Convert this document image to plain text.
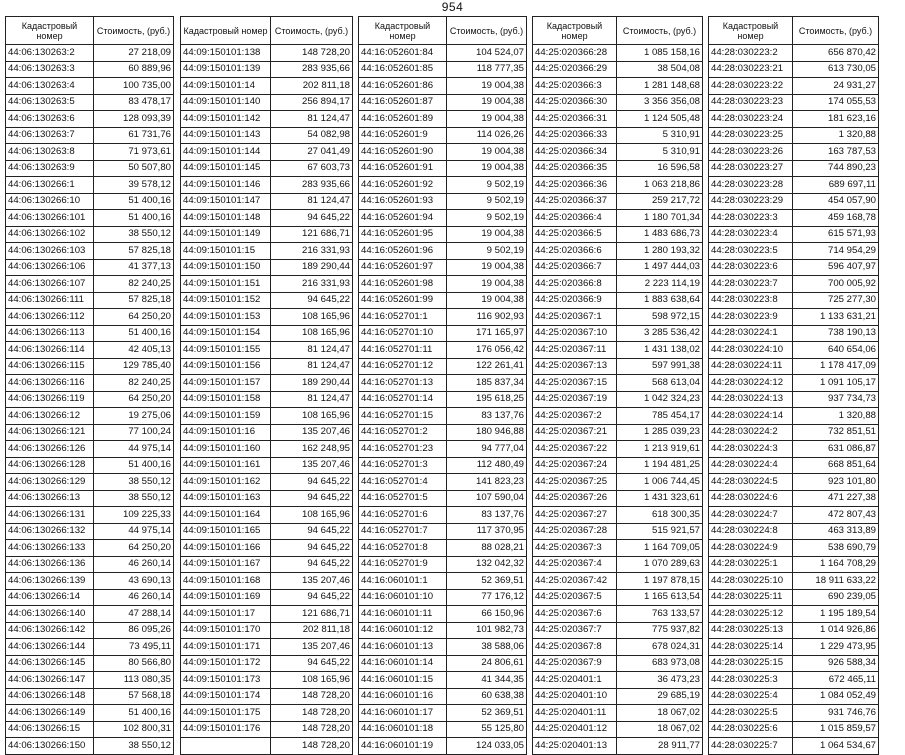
954
Кадастровый номер	Стоимость, (руб.)
44:06:130263:2	27 218,09
44:06:130263:3	60 889,96
44:06:130263:4	100 735,00
44:06:130263:5	83 478,17
44:06:130263:6	128 093,39
44:06:130263:7	61 731,76
44:06:130263:8	71 973,61
44:06:130263:9	50 507,80
44:06:130266:1	39 578,12
44:06:130266:10	51 400,16
44:06:130266:101	51 400,16
44:06:130266:102	38 550,12
44:06:130266:103	57 825,18
44:06:130266:106	41 377,13
44:06:130266:107	82 240,25
44:06:130266:111	57 825,18
44:06:130266:112	64 250,20
44:06:130266:113	51 400,16
44:06:130266:114	42 405,13
44:06:130266:115	129 785,40
44:06:130266:116	82 240,25
44:06:130266:119	64 250,20
44:06:130266:12	19 275,06
44:06:130266:121	77 100,24
44:06:130266:126	44 975,14
44:06:130266:128	51 400,16
44:06:130266:129	38 550,12
44:06:130266:13	38 550,12
44:06:130266:131	109 225,33
44:06:130266:132	44 975,14
44:06:130266:133	64 250,20
44:06:130266:136	46 260,14
44:06:130266:139	43 690,13
44:06:130266:14	46 260,14
44:06:130266:140	47 288,14
44:06:130266:142	86 095,26
44:06:130266:144	73 495,11
44:06:130266:145	80 566,80
44:06:130266:147	113 080,35
44:06:130266:148	57 568,18
44:06:130266:149	51 400,16
44:06:130266:15	102 800,31
44:06:130266:150	38 550,12
Кадастровый номер	Стоимость, (руб.)
44:09:150101:138	148 728,20
44:09:150101:139	283 935,66
44:09:150101:14	202 811,18
44:09:150101:140	256 894,17
44:09:150101:142	81 124,47
44:09:150101:143	54 082,98
44:09:150101:144	27 041,49
44:09:150101:145	67 603,73
44:09:150101:146	283 935,66
44:09:150101:147	81 124,47
44:09:150101:148	94 645,22
44:09:150101:149	121 686,71
44:09:150101:15	216 331,93
44:09:150101:150	189 290,44
44:09:150101:151	216 331,93
44:09:150101:152	94 645,22
44:09:150101:153	108 165,96
44:09:150101:154	108 165,96
44:09:150101:155	81 124,47
44:09:150101:156	81 124,47
44:09:150101:157	189 290,44
44:09:150101:158	81 124,47
44:09:150101:159	108 165,96
44:09:150101:16	135 207,46
44:09:150101:160	162 248,95
44:09:150101:161	135 207,46
44:09:150101:162	94 645,22
44:09:150101:163	94 645,22
44:09:150101:164	108 165,96
44:09:150101:165	94 645,22
44:09:150101:166	94 645,22
44:09:150101:167	94 645,22
44:09:150101:168	135 207,46
44:09:150101:169	94 645,22
44:09:150101:17	121 686,71
44:09:150101:170	202 811,18
44:09:150101:171	135 207,46
44:09:150101:172	94 645,22
44:09:150101:173	108 165,96
44:09:150101:174	148 728,20
44:09:150101:175	148 728,20
44:09:150101:176	148 728,20
	148 728,20
Кадастровый номер	Стоимость, (руб.)
44:16:052601:84	104 524,07
44:16:052601:85	118 777,35
44:16:052601:86	19 004,38
44:16:052601:87	19 004,38
44:16:052601:89	19 004,38
44:16:052601:9	114 026,26
44:16:052601:90	19 004,38
44:16:052601:91	19 004,38
44:16:052601:92	9 502,19
44:16:052601:93	9 502,19
44:16:052601:94	9 502,19
44:16:052601:95	19 004,38
44:16:052601:96	9 502,19
44:16:052601:97	19 004,38
44:16:052601:98	19 004,38
44:16:052601:99	19 004,38
44:16:052701:1	116 902,93
44:16:052701:10	171 165,97
44:16:052701:11	176 056,42
44:16:052701:12	122 261,41
44:16:052701:13	185 837,34
44:16:052701:14	195 618,25
44:16:052701:15	83 137,76
44:16:052701:2	180 946,88
44:16:052701:23	94 777,04
44:16:052701:3	112 480,49
44:16:052701:4	141 823,23
44:16:052701:5	107 590,04
44:16:052701:6	83 137,76
44:16:052701:7	117 370,95
44:16:052701:8	88 028,21
44:16:052701:9	132 042,32
44:16:060101:1	52 369,51
44:16:060101:10	77 176,12
44:16:060101:11	66 150,96
44:16:060101:12	101 982,73
44:16:060101:13	38 588,06
44:16:060101:14	24 806,61
44:16:060101:15	41 344,35
44:16:060101:16	60 638,38
44:16:060101:17	52 369,51
44:16:060101:18	55 125,80
44:16:060101:19	124 033,05
Кадастровый номер	Стоимость, (руб.)
44:25:020366:28	1 085 158,16
44:25:020366:29	38 504,08
44:25:020366:3	1 281 148,68
44:25:020366:30	3 356 356,08
44:25:020366:31	1 124 505,48
44:25:020366:33	5 310,91
44:25:020366:34	5 310,91
44:25:020366:35	16 596,58
44:25:020366:36	1 063 218,86
44:25:020366:37	259 217,72
44:25:020366:4	1 180 701,34
44:25:020366:5	1 483 686,73
44:25:020366:6	1 280 193,32
44:25:020366:7	1 497 444,03
44:25:020366:8	2 223 114,19
44:25:020366:9	1 883 638,64
44:25:020367:1	598 972,15
44:25:020367:10	3 285 536,42
44:25:020367:11	1 431 138,02
44:25:020367:13	597 991,38
44:25:020367:15	568 613,04
44:25:020367:19	1 042 324,23
44:25:020367:2	785 454,17
44:25:020367:21	1 285 039,23
44:25:020367:22	1 213 919,61
44:25:020367:24	1 194 481,25
44:25:020367:25	1 006 744,45
44:25:020367:26	1 431 323,61
44:25:020367:27	618 300,35
44:25:020367:28	515 921,57
44:25:020367:3	1 164 709,05
44:25:020367:4	1 070 289,63
44:25:020367:42	1 197 878,15
44:25:020367:5	1 165 613,54
44:25:020367:6	763 133,57
44:25:020367:7	775 937,82
44:25:020367:8	678 024,31
44:25:020367:9	683 973,08
44:25:020401:1	36 473,23
44:25:020401:10	29 685,19
44:25:020401:11	18 067,02
44:25:020401:12	18 067,02
44:25:020401:13	28 911,77
Кадастровый номер	Стоимость, (руб.)
44:28:030223:2	656 870,42
44:28:030223:21	613 730,05
44:28:030223:22	24 931,27
44:28:030223:23	174 055,53
44:28:030223:24	181 623,16
44:28:030223:25	1 320,88
44:28:030223:26	163 787,53
44:28:030223:27	744 890,23
44:28:030223:28	689 697,11
44:28:030223:29	454 057,90
44:28:030223:3	459 168,78
44:28:030223:4	615 571,93
44:28:030223:5	714 954,29
44:28:030223:6	596 407,97
44:28:030223:7	700 005,92
44:28:030223:8	725 277,30
44:28:030223:9	1 133 631,21
44:28:030224:1	738 190,13
44:28:030224:10	640 654,06
44:28:030224:11	1 178 417,09
44:28:030224:12	1 091 105,17
44:28:030224:13	937 734,73
44:28:030224:14	1 320,88
44:28:030224:2	732 851,51
44:28:030224:3	631 086,87
44:28:030224:4	668 851,64
44:28:030224:5	923 101,80
44:28:030224:6	471 227,38
44:28:030224:7	472 807,43
44:28:030224:8	463 313,89
44:28:030224:9	538 690,79
44:28:030225:1	1 164 708,29
44:28:030225:10	18 911 633,22
44:28:030225:11	690 239,05
44:28:030225:12	1 195 189,54
44:28:030225:13	1 014 926,86
44:28:030225:14	1 229 473,95
44:28:030225:15	926 588,34
44:28:030225:3	672 465,11
44:28:030225:4	1 084 052,49
44:28:030225:5	931 746,76
44:28:030225:6	1 015 859,57
44:28:030225:7	1 064 534,67
